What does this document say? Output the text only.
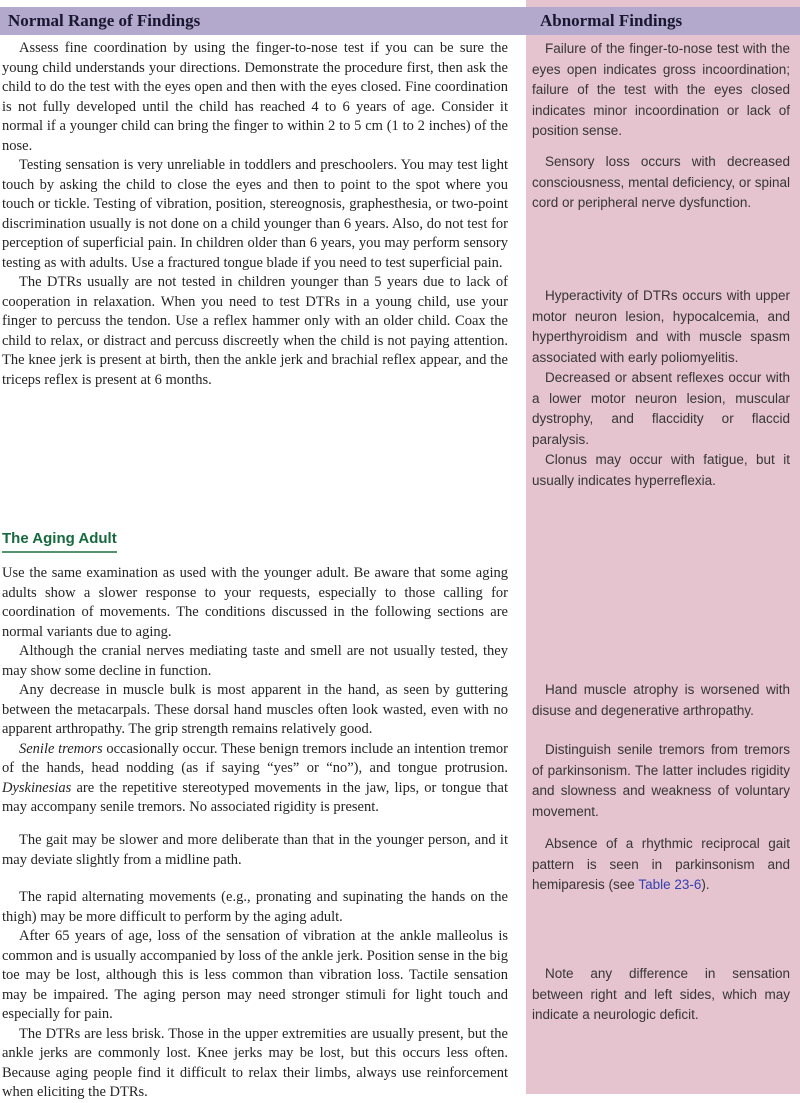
Normal Range of Findings	Abnormal Findings

Assess fine coordination by using the finger-to-nose test if you can be sure the young child understands your directions. Demonstrate the procedure first, then ask the child to do the test with the eyes open and then with the eyes closed. Fine coordination is not fully developed until the child has reached 4 to 6 years of age. Consider it normal if a younger child can bring the finger to within 2 to 5 cm (1 to 2 inches) of the nose.

Testing sensation is very unreliable in toddlers and preschoolers. You may test light touch by asking the child to close the eyes and then to point to the spot where you touch or tickle. Testing of vibration, position, stereognosis, graphesthesia, or two-point discrimination usually is not done on a child younger than 6 years. Also, do not test for perception of superficial pain. In children older than 6 years, you may perform sensory testing as with adults. Use a fractured tongue blade if you need to test superficial pain.

The DTRs usually are not tested in children younger than 5 years due to lack of cooperation in relaxation. When you need to test DTRs in a young child, use your finger to percuss the tendon. Use a reflex hammer only with an older child. Coax the child to relax, or distract and percuss discreetly when the child is not paying attention. The knee jerk is present at birth, then the ankle jerk and brachial reflex appear, and the triceps reflex is present at 6 months.

The Aging Adult

Use the same examination as used with the younger adult. Be aware that some aging adults show a slower response to your requests, especially to those calling for coordination of movements. The conditions discussed in the following sections are normal variants due to aging.

Although the cranial nerves mediating taste and smell are not usually tested, they may show some decline in function.

Any decrease in muscle bulk is most apparent in the hand, as seen by guttering between the metacarpals. These dorsal hand muscles often look wasted, even with no apparent arthropathy. The grip strength remains relatively good.

Senile tremors occasionally occur. These benign tremors include an intention tremor of the hands, head nodding (as if saying “yes” or “no”), and tongue protrusion. Dyskinesias are the repetitive stereotyped movements in the jaw, lips, or tongue that may accompany senile tremors. No associated rigidity is present.

The gait may be slower and more deliberate than that in the younger person, and it may deviate slightly from a midline path.

The rapid alternating movements (e.g., pronating and supinating the hands on the thigh) may be more difficult to perform by the aging adult.

After 65 years of age, loss of the sensation of vibration at the ankle malleolus is common and is usually accompanied by loss of the ankle jerk. Position sense in the big toe may be lost, although this is less common than vibration loss. Tactile sensation may be impaired. The aging person may need stronger stimuli for light touch and especially for pain.

The DTRs are less brisk. Those in the upper extremities are usually present, but the ankle jerks are commonly lost. Knee jerks may be lost, but this occurs less often. Because aging people find it difficult to relax their limbs, always use reinforcement when eliciting the DTRs.

Failure of the finger-to-nose test with the eyes open indicates gross incoordination; failure of the test with the eyes closed indicates minor incoordination or lack of position sense.

Sensory loss occurs with decreased consciousness, mental deficiency, or spinal cord or peripheral nerve dysfunction.

Hyperactivity of DTRs occurs with upper motor neuron lesion, hypocalcemia, and hyperthyroidism and with muscle spasm associated with early poliomyelitis.

Decreased or absent reflexes occur with a lower motor neuron lesion, muscular dystrophy, and flaccidity or flaccid paralysis.

Clonus may occur with fatigue, but it usually indicates hyperreflexia.

Hand muscle atrophy is worsened with disuse and degenerative arthropathy.

Distinguish senile tremors from tremors of parkinsonism. The latter includes rigidity and slowness and weakness of voluntary movement.

Absence of a rhythmic reciprocal gait pattern is seen in parkinsonism and hemiparesis (see Table 23-6).

Note any difference in sensation between right and left sides, which may indicate a neurologic deficit.
